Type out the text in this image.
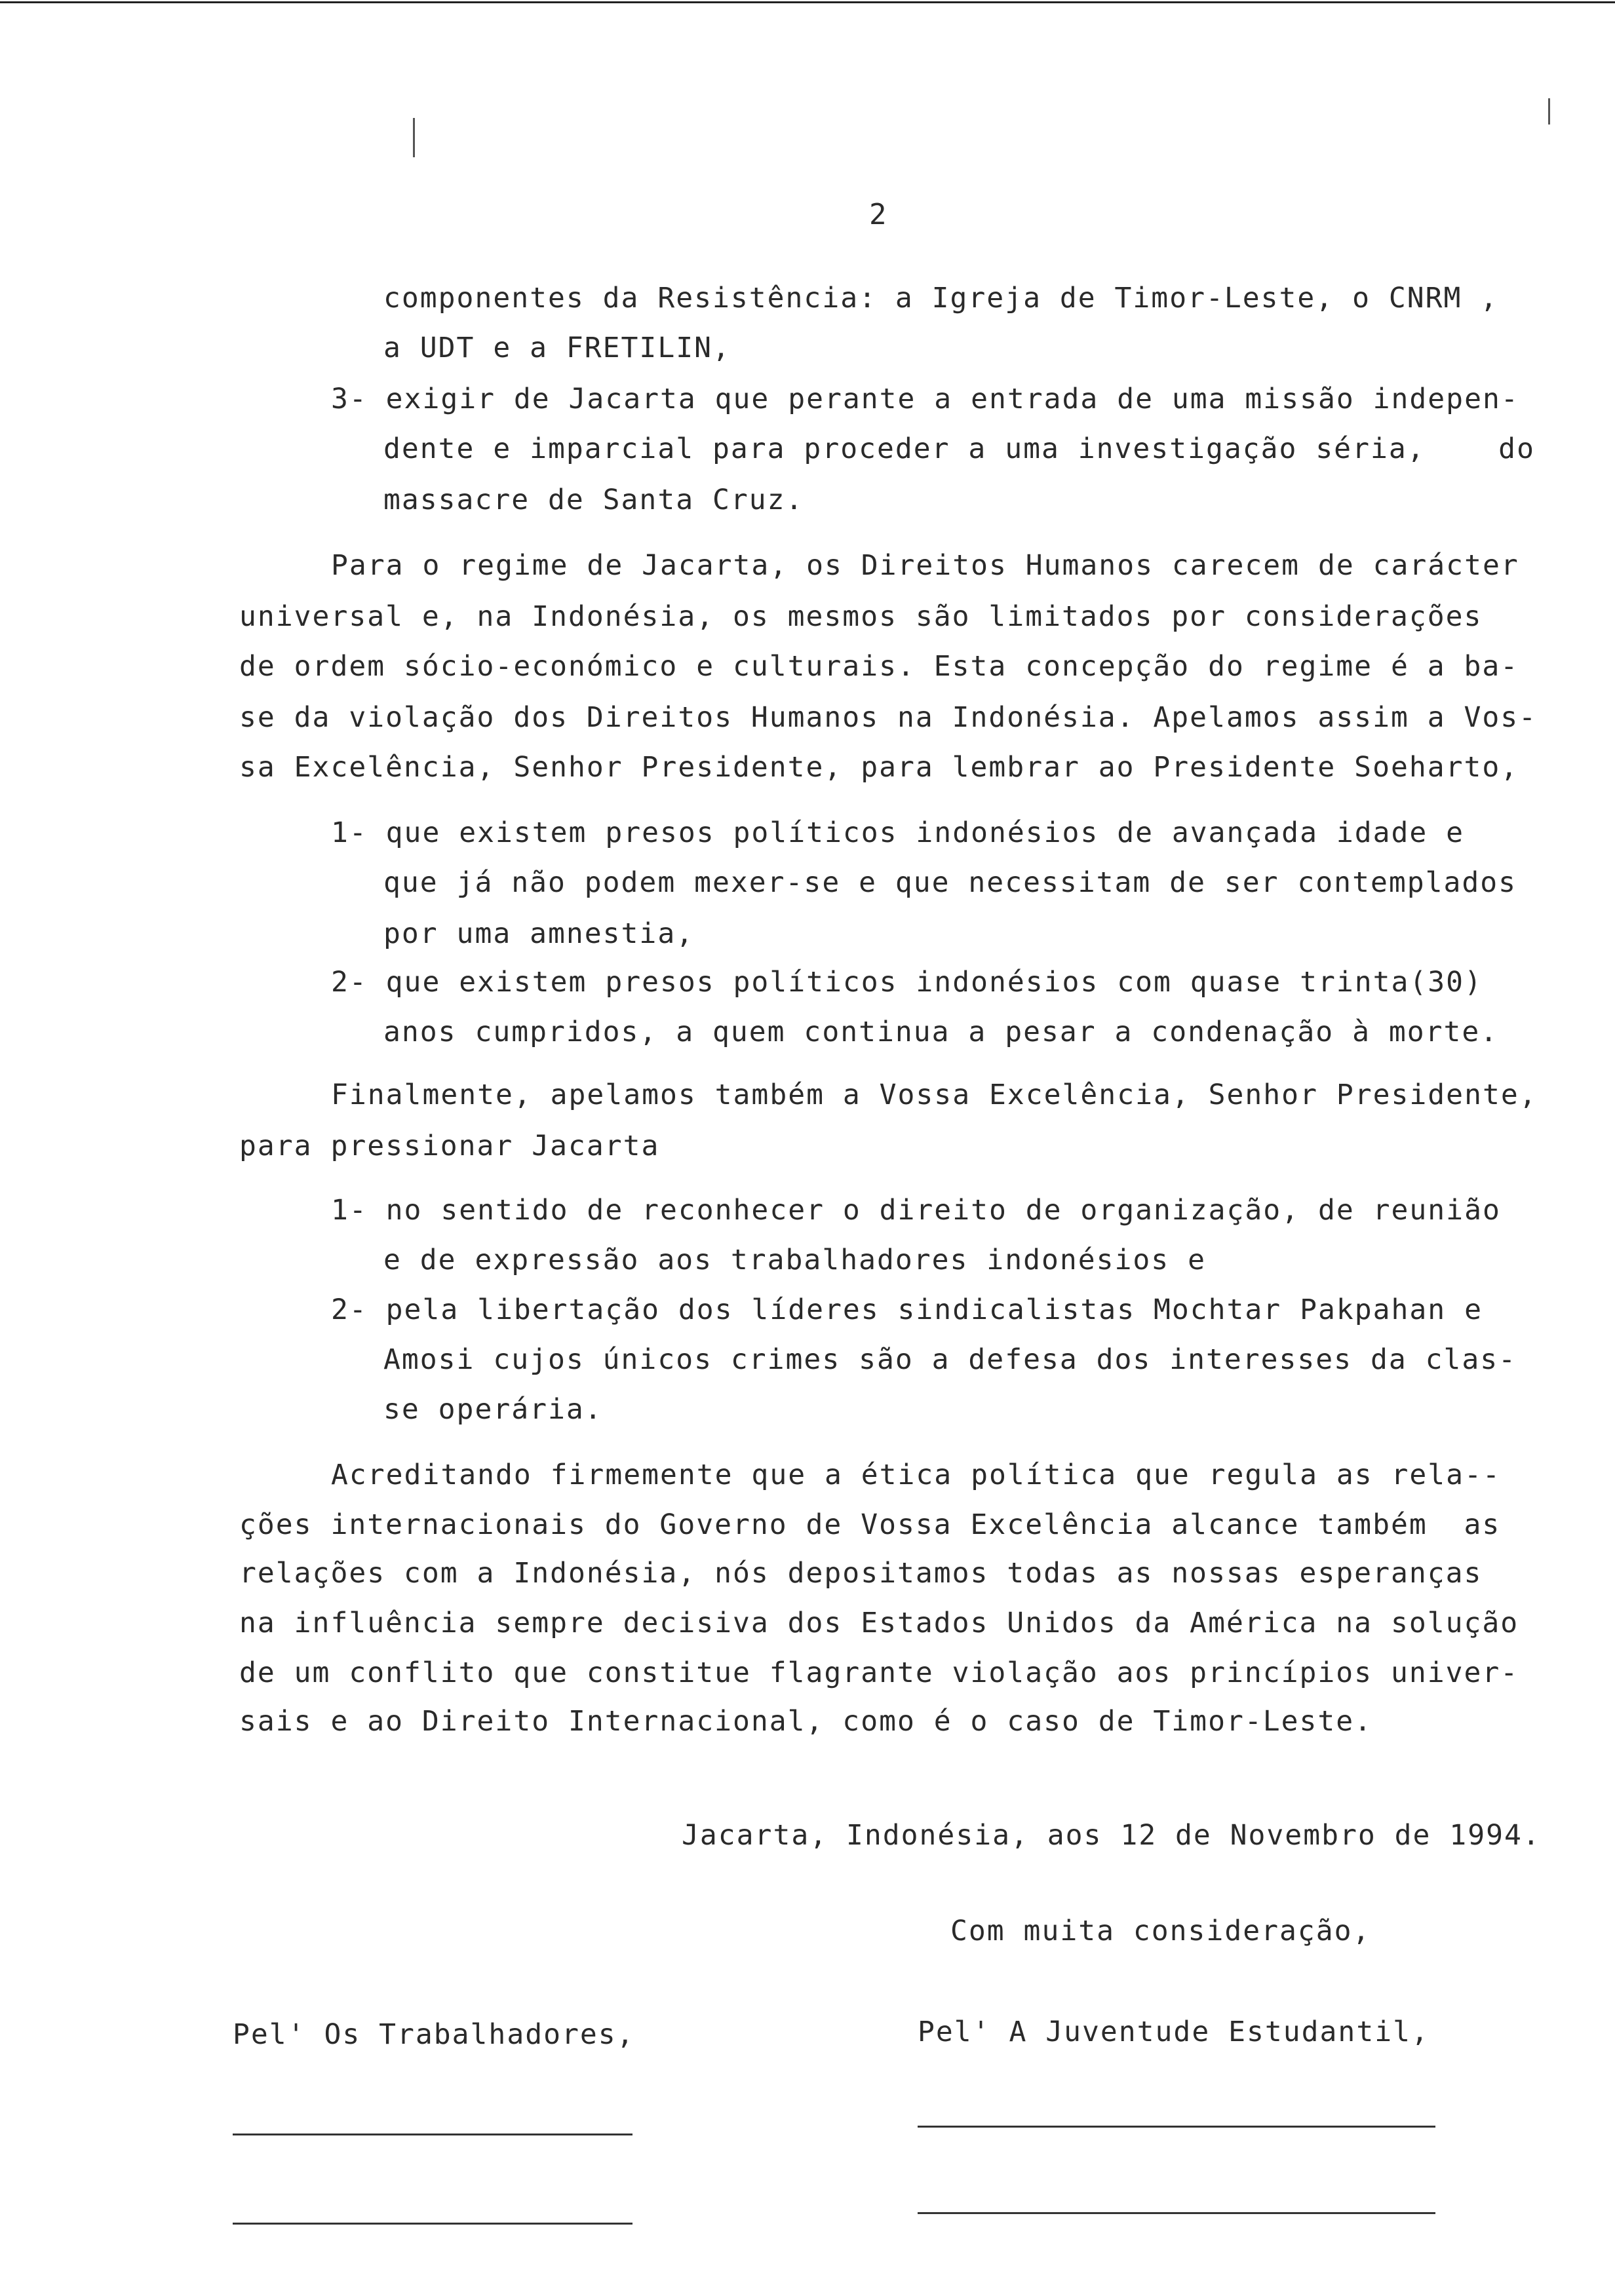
2
componentes da Resistência: a Igreja de Timor-Leste, o CNRM ,
a UDT e a FRETILIN,
3- exigir de Jacarta que perante a entrada de uma missão indepen-
dente e imparcial para proceder a uma investigação séria,    do
massacre de Santa Cruz.
Para o regime de Jacarta, os Direitos Humanos carecem de carácter
universal e, na Indonésia, os mesmos são limitados por considerações
de ordem sócio-económico e culturais. Esta concepção do regime é a ba-
se da violação dos Direitos Humanos na Indonésia. Apelamos assim a Vos-
sa Excelência, Senhor Presidente, para lembrar ao Presidente Soeharto,
1- que existem presos políticos indonésios de avançada idade e
que já não podem mexer-se e que necessitam de ser contemplados
por uma amnestia,
2- que existem presos políticos indonésios com quase trinta(30)
anos cumpridos, a quem continua a pesar a condenação à morte.
Finalmente, apelamos também a Vossa Excelência, Senhor Presidente,
para pressionar Jacarta
1- no sentido de reconhecer o direito de organização, de reunião
e de expressão aos trabalhadores indonésios e
2- pela libertação dos líderes sindicalistas Mochtar Pakpahan e
Amosi cujos únicos crimes são a defesa dos interesses da clas-
se operária.
Acreditando firmemente que a ética política que regula as rela--
ções internacionais do Governo de Vossa Excelência alcance também  as
relações com a Indonésia, nós depositamos todas as nossas esperanças
na influência sempre decisiva dos Estados Unidos da América na solução
de um conflito que constitue flagrante violação aos princípios univer-
sais e ao Direito Internacional, como é o caso de Timor-Leste.
Jacarta, Indonésia, aos 12 de Novembro de 1994.
Com muita consideração,
Pel' Os Trabalhadores,	Pel' A Juventude Estudantil,
